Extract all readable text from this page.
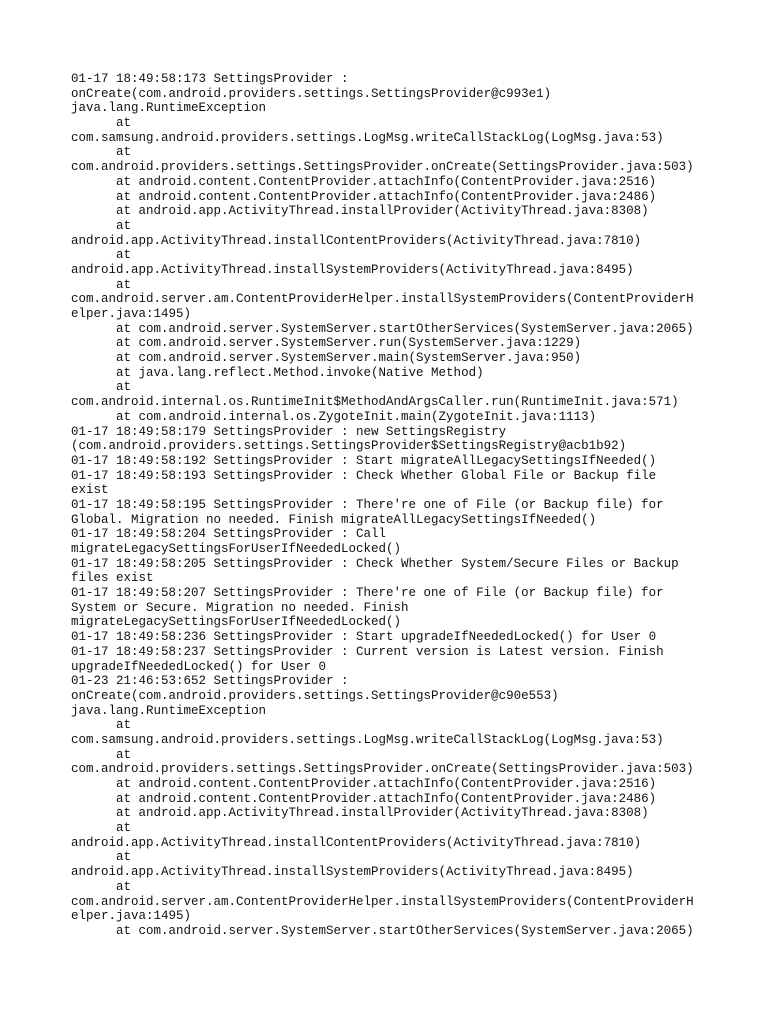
01-17 18:49:58:173 SettingsProvider :
onCreate(com.android.providers.settings.SettingsProvider@c993e1)
java.lang.RuntimeException
at
com.samsung.android.providers.settings.LogMsg.writeCallStackLog(LogMsg.java:53)
at
com.android.providers.settings.SettingsProvider.onCreate(SettingsProvider.java:503)
at android.content.ContentProvider.attachInfo(ContentProvider.java:2516)
at android.content.ContentProvider.attachInfo(ContentProvider.java:2486)
at android.app.ActivityThread.installProvider(ActivityThread.java:8308)
at
android.app.ActivityThread.installContentProviders(ActivityThread.java:7810)
at
android.app.ActivityThread.installSystemProviders(ActivityThread.java:8495)
at
com.android.server.am.ContentProviderHelper.installSystemProviders(ContentProviderH
elper.java:1495)
at com.android.server.SystemServer.startOtherServices(SystemServer.java:2065)
at com.android.server.SystemServer.run(SystemServer.java:1229)
at com.android.server.SystemServer.main(SystemServer.java:950)
at java.lang.reflect.Method.invoke(Native Method)
at
com.android.internal.os.RuntimeInit$MethodAndArgsCaller.run(RuntimeInit.java:571)
at com.android.internal.os.ZygoteInit.main(ZygoteInit.java:1113)
01-17 18:49:58:179 SettingsProvider : new SettingsRegistry
(com.android.providers.settings.SettingsProvider$SettingsRegistry@acb1b92)
01-17 18:49:58:192 SettingsProvider : Start migrateAllLegacySettingsIfNeeded()
01-17 18:49:58:193 SettingsProvider : Check Whether Global File or Backup file
exist
01-17 18:49:58:195 SettingsProvider : There're one of File (or Backup file) for
Global. Migration no needed. Finish migrateAllLegacySettingsIfNeeded()
01-17 18:49:58:204 SettingsProvider : Call
migrateLegacySettingsForUserIfNeededLocked()
01-17 18:49:58:205 SettingsProvider : Check Whether System/Secure Files or Backup
files exist
01-17 18:49:58:207 SettingsProvider : There're one of File (or Backup file) for
System or Secure. Migration no needed. Finish
migrateLegacySettingsForUserIfNeededLocked()
01-17 18:49:58:236 SettingsProvider : Start upgradeIfNeededLocked() for User 0
01-17 18:49:58:237 SettingsProvider : Current version is Latest version. Finish
upgradeIfNeededLocked() for User 0
01-23 21:46:53:652 SettingsProvider :
onCreate(com.android.providers.settings.SettingsProvider@c90e553)
java.lang.RuntimeException
at
com.samsung.android.providers.settings.LogMsg.writeCallStackLog(LogMsg.java:53)
at
com.android.providers.settings.SettingsProvider.onCreate(SettingsProvider.java:503)
at android.content.ContentProvider.attachInfo(ContentProvider.java:2516)
at android.content.ContentProvider.attachInfo(ContentProvider.java:2486)
at android.app.ActivityThread.installProvider(ActivityThread.java:8308)
at
android.app.ActivityThread.installContentProviders(ActivityThread.java:7810)
at
android.app.ActivityThread.installSystemProviders(ActivityThread.java:8495)
at
com.android.server.am.ContentProviderHelper.installSystemProviders(ContentProviderH
elper.java:1495)
at com.android.server.SystemServer.startOtherServices(SystemServer.java:2065)
